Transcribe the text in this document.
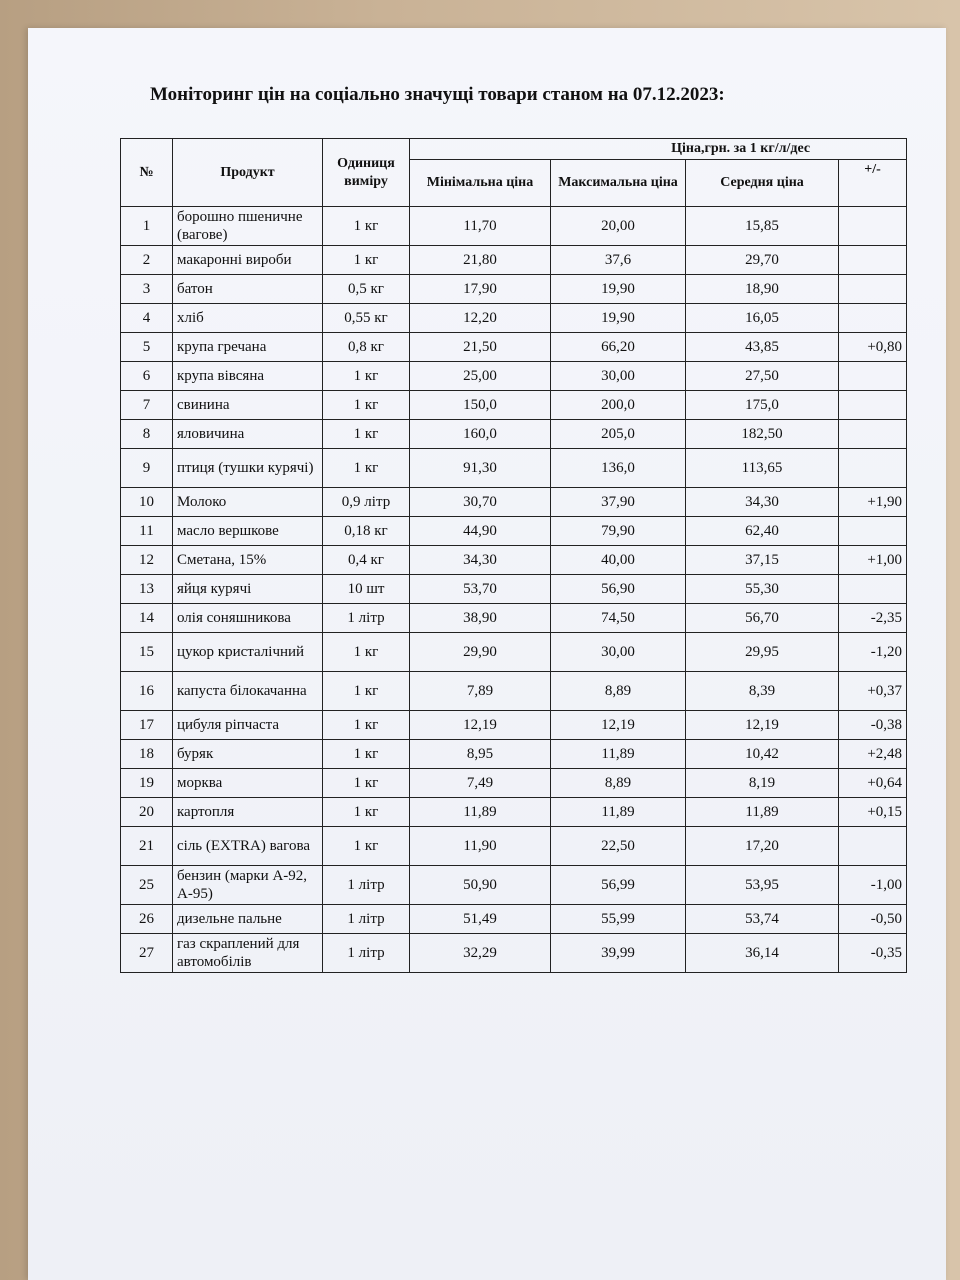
Моніторинг цін на соціально значущі товари станом на 07.12.2023:
№	Продукт	Одиниця виміру	Ціна,грн. за 1 кг/л/дес			
			Мінімальна ціна	Максимальна ціна	Середня ціна	+/-
1	борошно пшеничне (вагове)	1 кг	11,70	20,00	15,85	
2	макаронні вироби	1 кг	21,80	37,6	29,70	
3	батон	0,5 кг	17,90	19,90	18,90	
4	хліб	0,55 кг	12,20	19,90	16,05	
5	крупа гречана	0,8 кг	21,50	66,20	43,85	+0,80
6	крупа вівсяна	1 кг	25,00	30,00	27,50	
7	свинина	1 кг	150,0	200,0	175,0	
8	яловичина	1 кг	160,0	205,0	182,50	
9	птиця (тушки курячі)	1 кг	91,30	136,0	113,65	
10	Молоко	0,9 літр	30,70	37,90	34,30	+1,90
11	масло вершкове	0,18 кг	44,90	79,90	62,40	
12	Сметана, 15%	0,4 кг	34,30	40,00	37,15	+1,00
13	яйця курячі	10 шт	53,70	56,90	55,30	
14	олія соняшникова	1 літр	38,90	74,50	56,70	-2,35
15	цукор кристалічний	1 кг	29,90	30,00	29,95	-1,20
16	капуста білокачанна	1 кг	7,89	8,89	8,39	+0,37
17	цибуля ріпчаста	1 кг	12,19	12,19	12,19	-0,38
18	буряк	1 кг	8,95	11,89	10,42	+2,48
19	морква	1 кг	7,49	8,89	8,19	+0,64
20	картопля	1 кг	11,89	11,89	11,89	+0,15
21	сіль (EXTRA) вагова	1 кг	11,90	22,50	17,20	
25	бензин (марки А-92, А-95)	1 літр	50,90	56,99	53,95	-1,00
26	дизельне пальне	1 літр	51,49	55,99	53,74	-0,50
27	газ скраплений для автомобілів	1 літр	32,29	39,99	36,14	-0,35
